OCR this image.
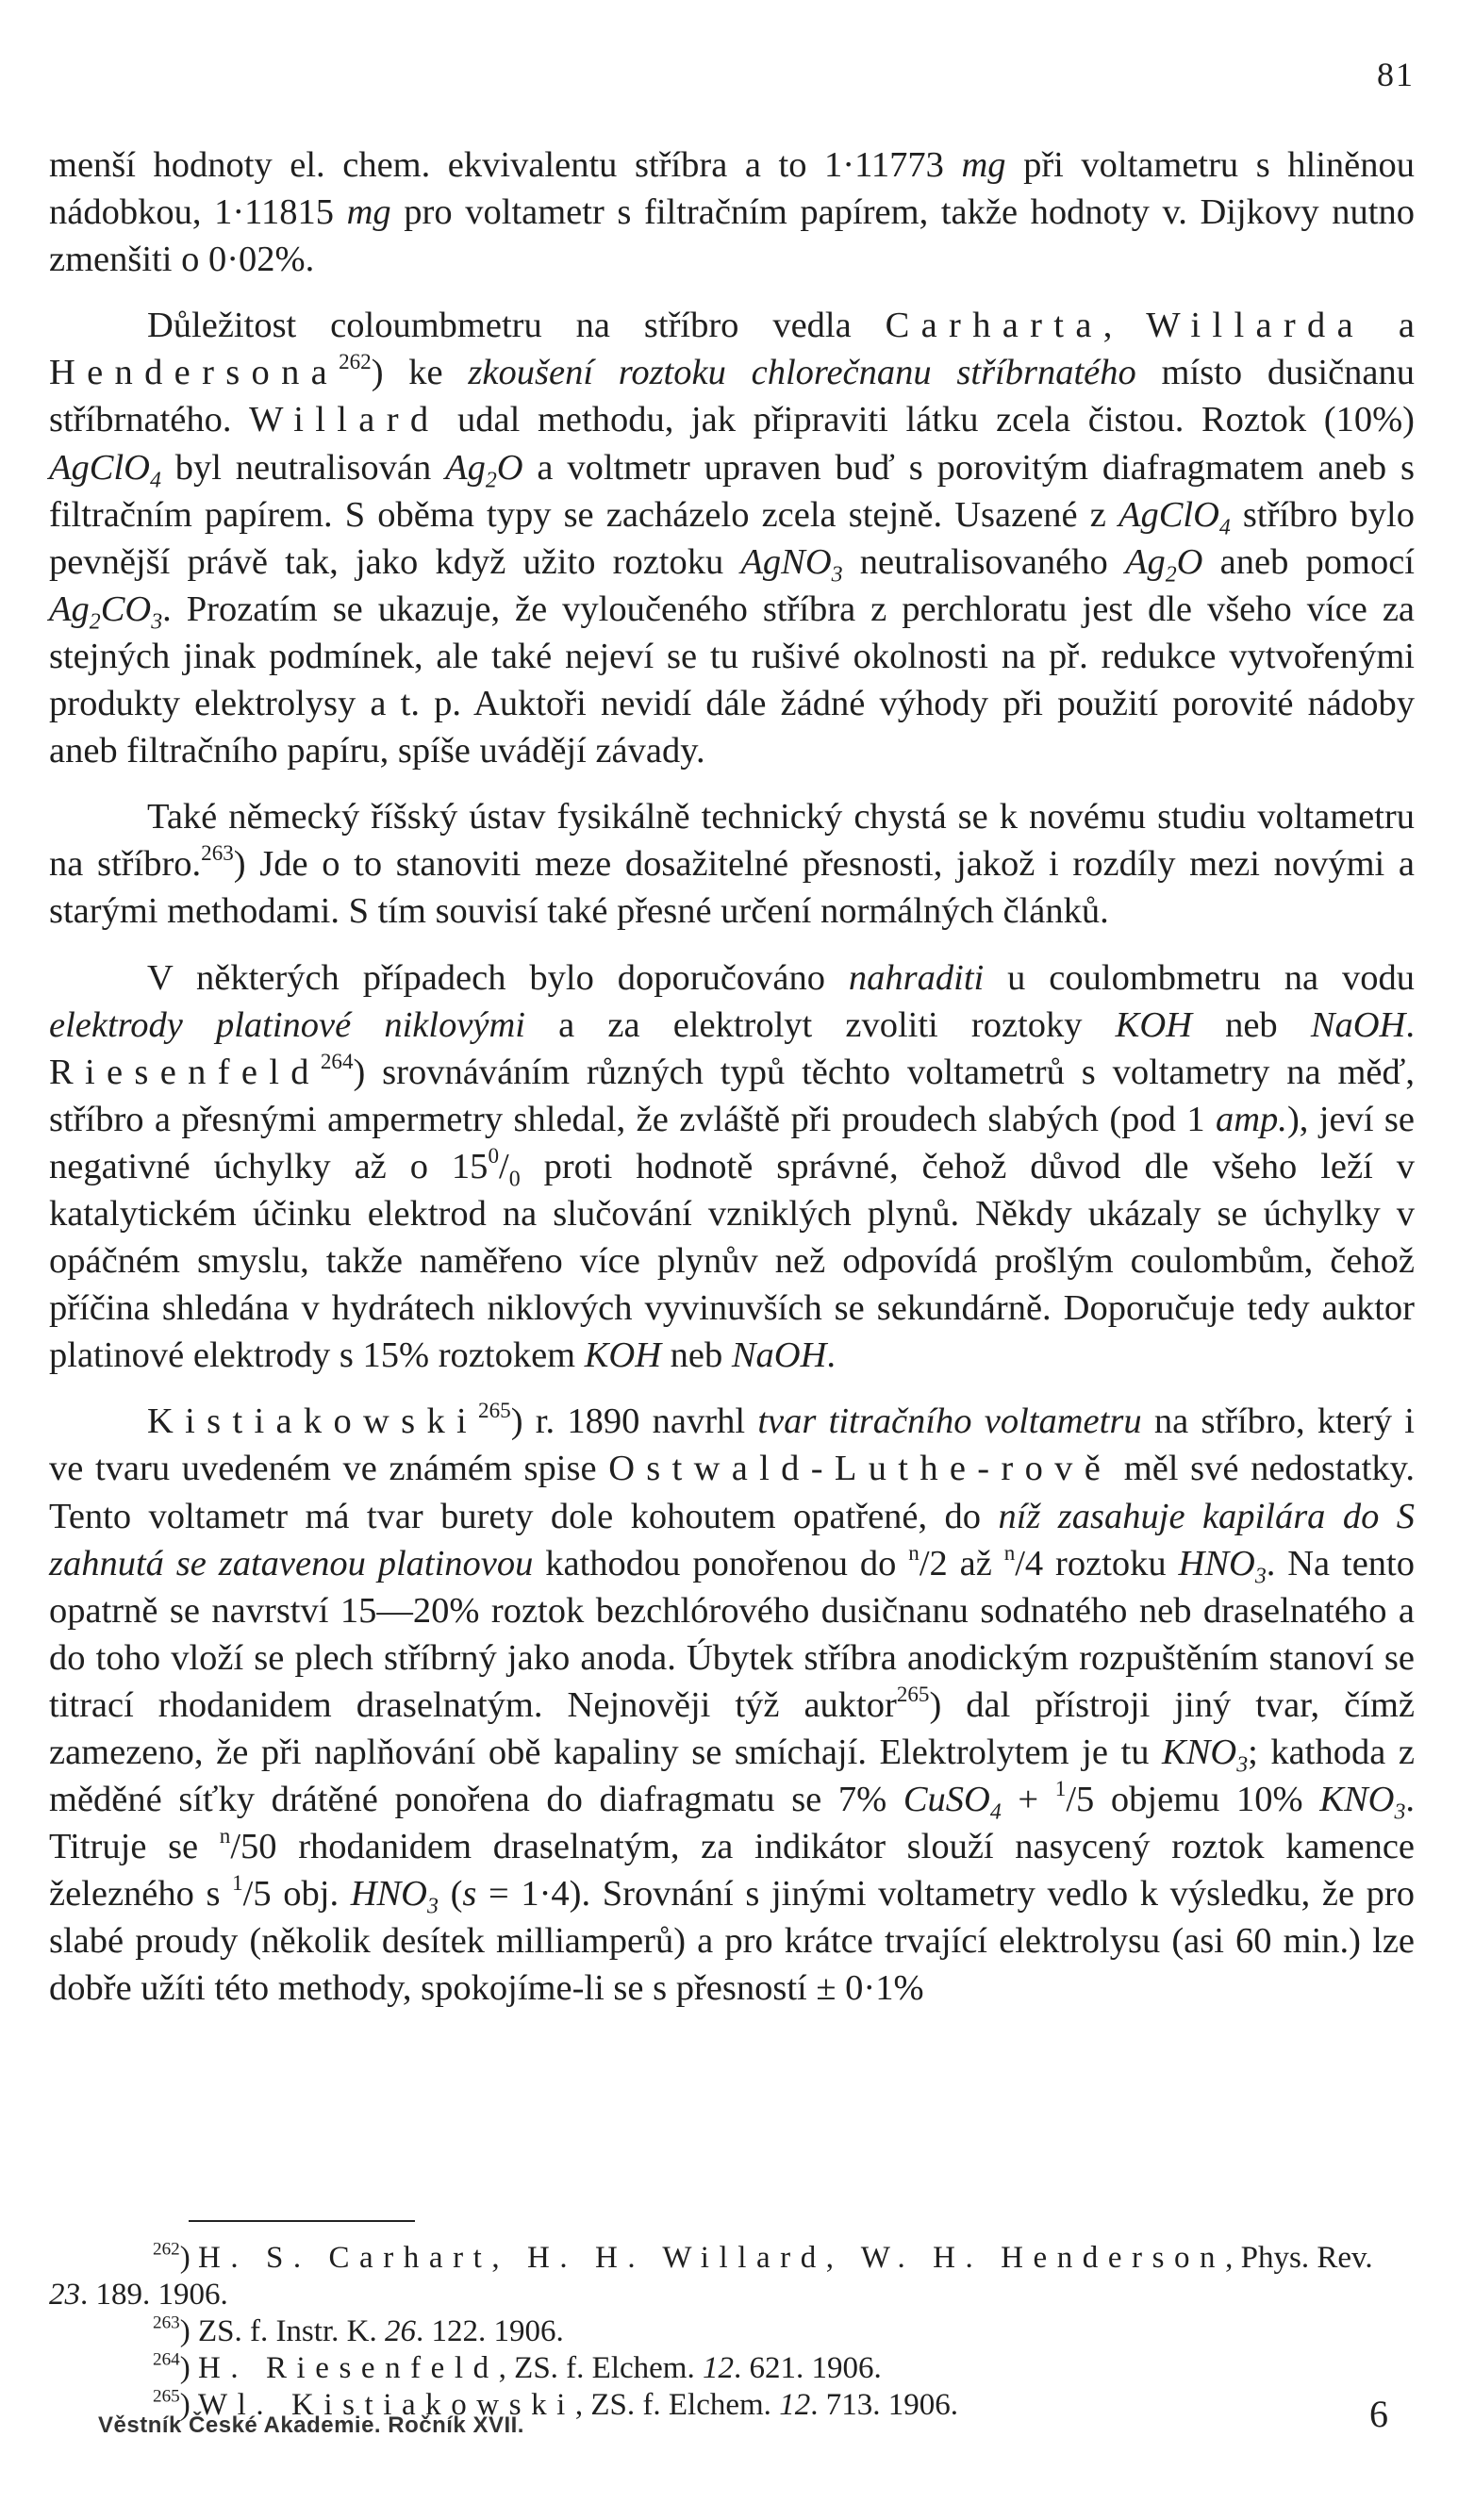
81

menší hodnoty el. chem. ekvivalentu stříbra a to 1·11773 mg při voltametru s hliněnou nádobkou, 1·11815 mg pro voltametr s filtračním papírem, takže hodnoty v. Dijkovy nutno zmenšiti o 0·02%.

Důležitost coloumbmetru na stříbro vedla Carharta, Willarda a Hendersona$^{262}$) ke zkoušení roztoku chlorečnanu stříbrnatého místo dusičnanu stříbrnatého. Willard udal methodu, jak připraviti látku zcela čistou. Roztok (10%) AgClO$_4$ byl neutralisován $Ag_2O$ a voltmetr upraven buď s porovitým diafragmatem aneb s filtračním papírem. S oběma typy se zacházelo zcela stejně. Usazené z AgClO$_4$ stříbro bylo pevnější právě tak, jako když užito roztoku AgNO$_3$ neutralisovaného $Ag_2O$ aneb pomocí $Ag_2CO_3$. Prozatím se ukazuje, že vylоučeného stříbra z perchloratu jest dle všeho více za stejných jinak podmínek, ale také nejeví se tu rušivé okolnosti na př. redukce vytvořenými produkty elektrolysy a t. p. Auktoři nevidí dále žádné výhody při použití porovité nádoby aneb filtračního papíru, spíše uvádějí závady.

Také německý říšský ústav fysikálně technický chystá se k novému studiu voltametru na stříbro.$^{263}$) Jde o to stanoviti meze dosažitelné přesnosti, jakož i rozdíly mezi novými a starými methodami. S tím souvisí také přesné určení normálných článků.

V některých případech bylo doporučováno nahraditi u coulombmetru na vodu elektrody platinové niklovými a za elektrolyt zvoliti roztoky KOH neb NaOH. Riesenfeld$^{264}$) srovnáváním různých typů těchto voltametrů s voltametry na měď, stříbro a přesnými ampermetry shledal, že zvláště při proudech slabých (pod 1 amp.), jeví se negativné úchylky až o $15^0/_0$ proti hodnotě správné, čehož důvod dle všeho leží v katalytickém účinku elektrod na slučování vzniklých plynů. Někdy ukázaly se úchylky v opáčném smyslu, takže naměřeno více plynův než odpovídá prošlým coulombům, čehož příčina shledána v hydrátech niklových vyvinuvších se sekundárně. Doporučuje tedy auktor platinové elektrody s 15% roztokem KOH neb NaOH.

Kistiakowski$^{265}$) r. 1890 navrhl tvar titračního voltametru na stříbro, který i ve tvaru uvedeném ve známém spise Ostwald-Luthe-rově měl své nedostatky. Tento voltametr má tvar burety dole kohoutem opatřené, do níž zasahuje kapilára do S zahnutá se zatavenou platinovou kathodou ponořenou do $^n$/2 až $^n$/4 roztoku $HNO_3$. Na tento opatrně se navrství 15—20% roztok bezchlórového dusičnanu sodnatého neb draselnatého a do toho vloží se plech stříbrný jako anoda. Úbytek stříbra anodickým rozpuštěním stanoví se titrací rhodanidem draselnatým. Nejnověji týž auktor$^{265}$) dal přístroji jiný tvar, čímž zamezeno, že při naplňování obě kapaliny se smíchají. Elektrolytem je tu $KNO_3$; kathoda z měděné síťky drátěné ponořena do diafragmatu se 7% CuSO$_4$ + $^1$/5 objemu 10% $KNO_3$. Titruje se $^n$/50 rhodanidem draselnatým, za indikátor slouží nasycený roztok kamence železného s $^1$/5 obj. $HNO_3$ (s = 1·4). Srovnání s jinými voltametry vedlo k výsledku, že pro slabé proudy (několik desítek milliamperů) a pro krátce trvající elektrolysu (asi 60 min.) lze dobře užíti této methody, spokojíme-li se s přesností ± 0·1%

$^{262}$) H. S. Carhart, H. H. Willard, W. H. Henderson, Phys. Rev. 23. 189. 1906.

$^{263}$) ZS. f. Instr. K. 26. 122. 1906.

$^{264}$) H. Riesenfeld, ZS. f. Elchem. 12. 621. 1906.

$^{265}$) Wl. Kistiakowski, ZS. f. Elchem. 12. 713. 1906.

Věstník České Akademie. Ročník XVII.	6
